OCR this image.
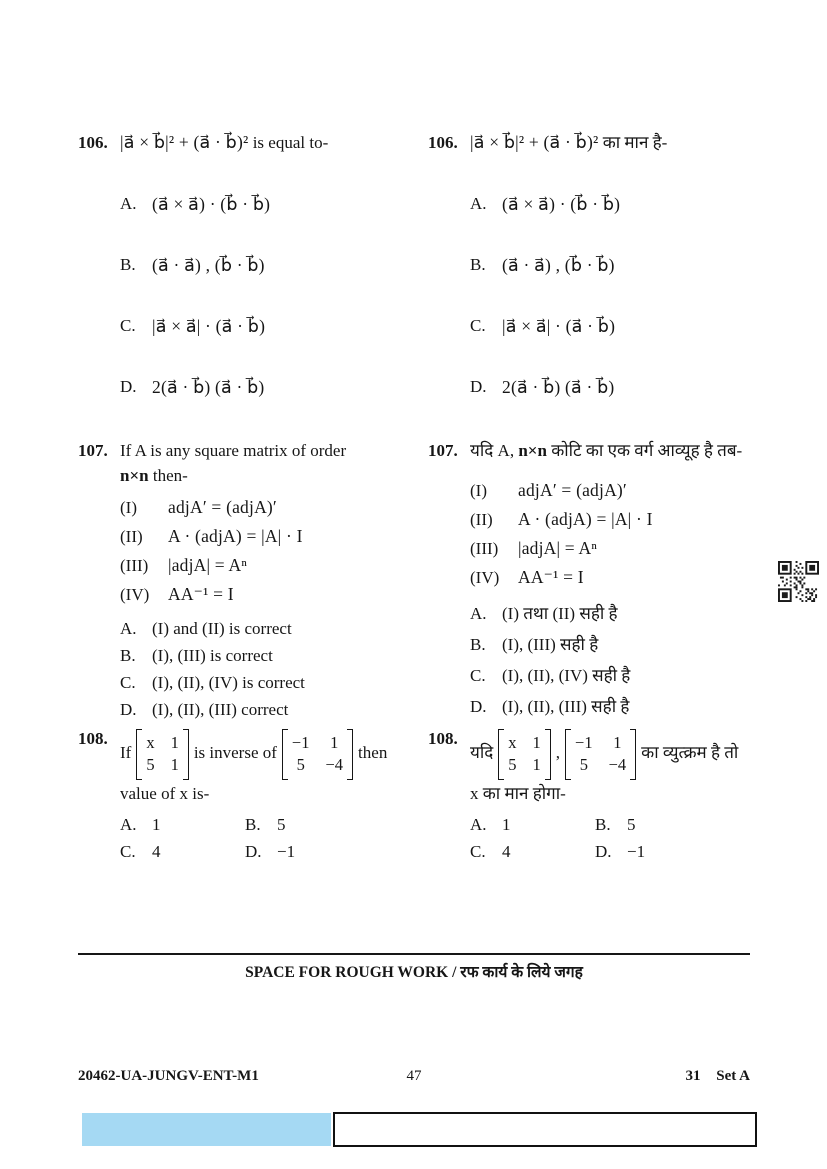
106. |a⃗ × b⃗|² + (a⃗ · b⃗)² is equal to-
A. (a⃗ × a⃗) · (b⃗ · b⃗)
B. (a⃗ · a⃗) , (b⃗ · b⃗)
C. |a⃗ × a⃗| · (a⃗ · b⃗)
D. 2(a⃗ · b⃗) (a⃗ · b⃗)
106. |a⃗ × b⃗|² + (a⃗ · b⃗)² का मान है-
A. (a⃗ × a⃗) · (b⃗ · b⃗)
B. (a⃗ · a⃗) , (b⃗ · b⃗)
C. |a⃗ × a⃗| · (a⃗ · b⃗)
D. 2(a⃗ · b⃗) (a⃗ · b⃗)
107. If A is any square matrix of order
n×n then-
(I)	adjA′ = (adjA)′
(II)	A · (adjA) = |A| · I
(III)	|adjA| = Aⁿ
(IV)	AA⁻¹ = I
A. (I) and (II) is correct
B. (I), (III) is correct
C. (I), (II), (IV) is correct
D. (I), (II), (III) correct
107. यदि A, n×n कोटि का एक वर्ग आव्यूह है तब-
(I)	adjA′ = (adjA)′
(II)	A · (adjA) = |A| · I
(III)	|adjA| = Aⁿ
(IV)	AA⁻¹ = I
A. (I) तथा (II) सही है
B. (I), (III) सही है
C. (I), (II), (IV) सही है
D. (I), (II), (III) सही है
108.
If
x 1
5 1
is inverse of
−1 1
5 −4
then
value of x is-
A. 1	B. 5
C. 4	D. −1
108.
यदि
x 1
5 1
,
−1 1
5 −4
का व्युत्क्रम है तो
x का मान होगा-
A. 1	B. 5
C. 4	D. −1
SPACE FOR ROUGH WORK / रफ कार्य के लिये जगह
20462-UA-JUNGV-ENT-M1	47	31 Set A
